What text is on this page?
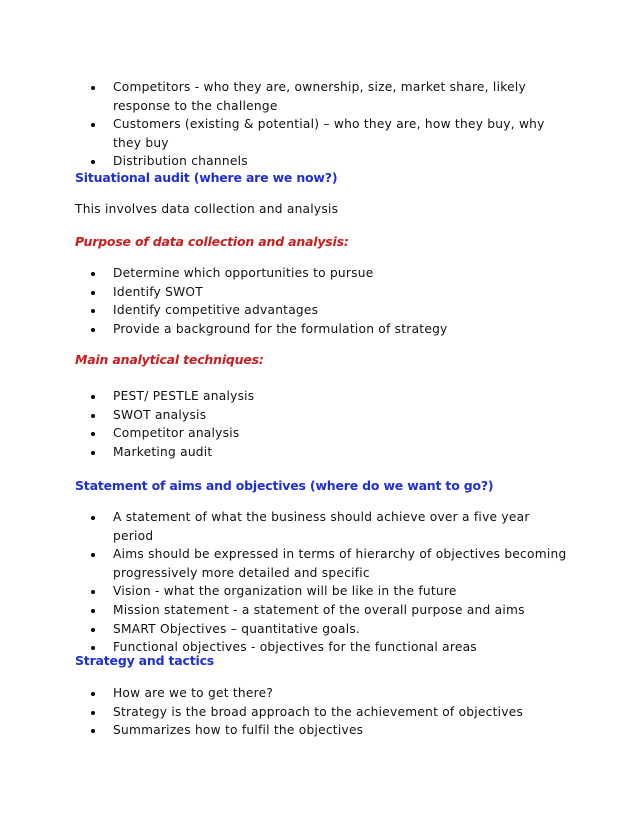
Competitors - who they are, ownership, size, market share, likely response to the challenge
Customers (existing & potential) – who they are, how they buy, why they buy
Distribution channels
Situational audit (where are we now?)
This involves data collection and analysis
Purpose of data collection and analysis:
Determine which opportunities to pursue
Identify SWOT
Identify competitive advantages
Provide a background for the formulation of strategy
Main analytical techniques:
PEST/ PESTLE analysis
SWOT analysis
Competitor analysis
Marketing audit
Statement of aims and objectives (where do we want to go?)
A statement of what the business should achieve over a five year period
Aims should be expressed in terms of hierarchy of objectives becoming progressively more detailed and specific
Vision - what the organization will be like in the future
Mission statement - a statement of the overall purpose and aims
SMART Objectives – quantitative goals.
Functional objectives - objectives for the functional areas
Strategy and tactics
How are we to get there?
Strategy is the broad approach to the achievement of objectives
Summarizes how to fulfil the objectives
